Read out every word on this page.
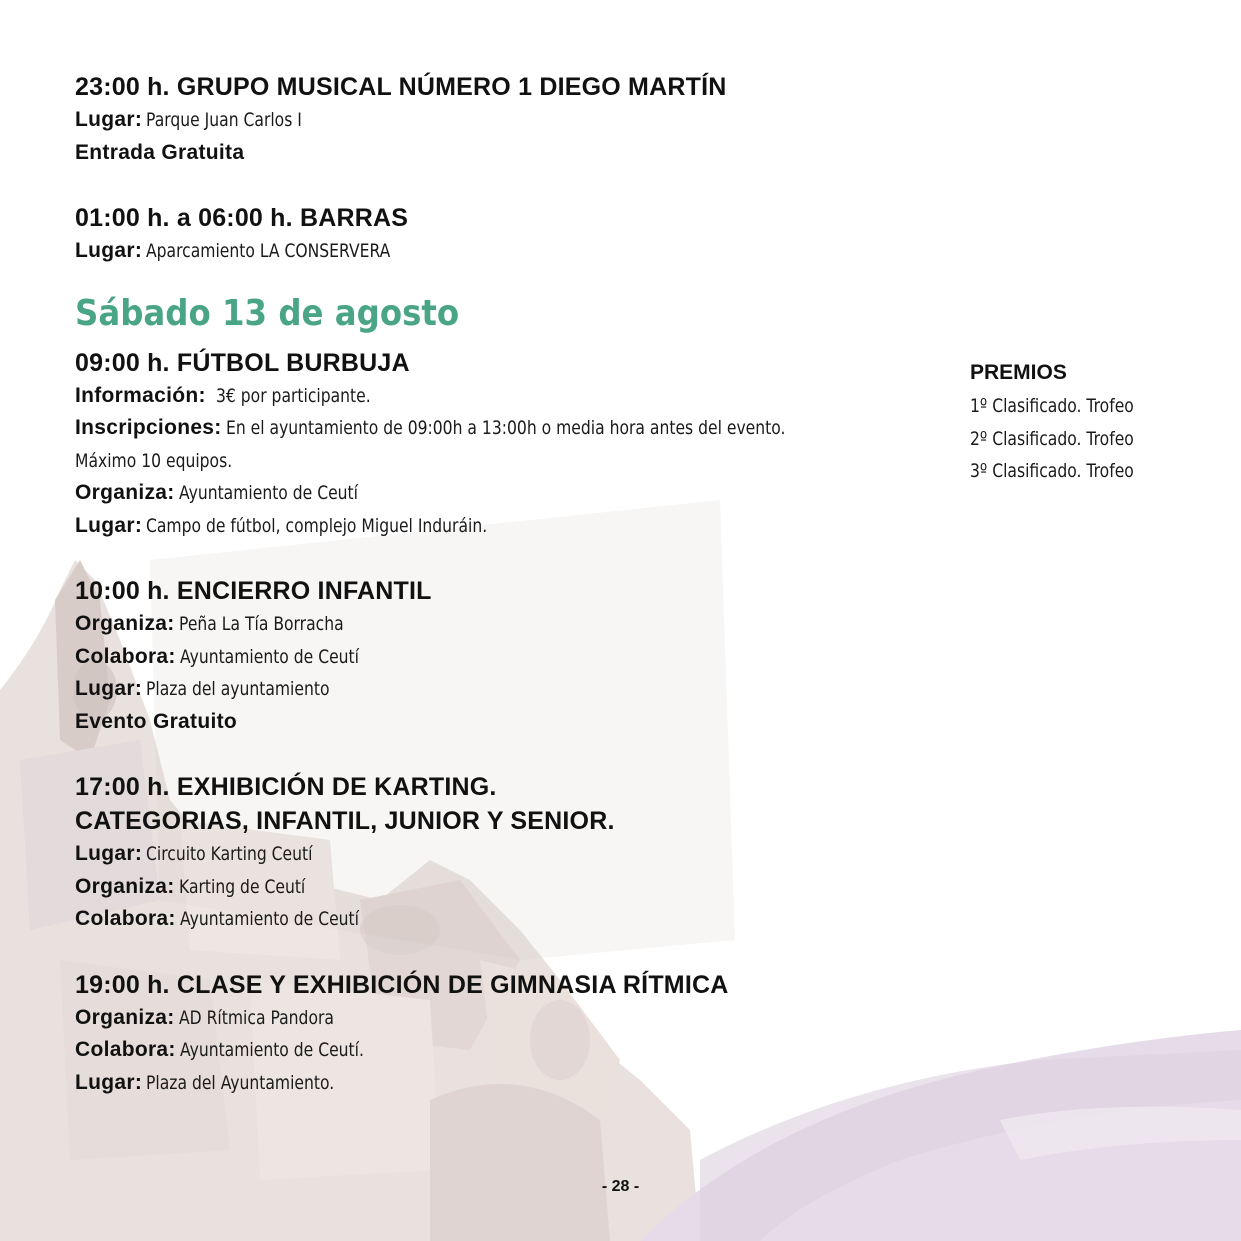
23:00 h. GRUPO MUSICAL NÚMERO 1 DIEGO MARTÍN
Lugar: Parque Juan Carlos I
Entrada Gratuita
01:00 h. a 06:00 h. BARRAS
Lugar: Aparcamiento LA CONSERVERA
Sábado 13 de agosto
09:00 h. FÚTBOL BURBUJA
Información: 3€ por participante.
Inscripciones: En el ayuntamiento de 09:00h a 13:00h o media hora antes del evento.
Máximo 10 equipos.
Organiza: Ayuntamiento de Ceutí
Lugar: Campo de fútbol, complejo Miguel Induráin.
10:00 h. ENCIERRO INFANTIL
Organiza: Peña La Tía Borracha
Colabora: Ayuntamiento de Ceutí
Lugar: Plaza del ayuntamiento
Evento Gratuito
17:00 h. EXHIBICIÓN DE KARTING.
CATEGORIAS, INFANTIL, JUNIOR Y SENIOR.
Lugar: Circuito Karting Ceutí
Organiza: Karting de Ceutí
Colabora: Ayuntamiento de Ceutí
19:00 h. CLASE Y EXHIBICIÓN DE GIMNASIA RÍTMICA
Organiza: AD Rítmica Pandora
Colabora: Ayuntamiento de Ceutí.
Lugar: Plaza del Ayuntamiento.
PREMIOS
1º Clasificado. Trofeo
2º Clasificado. Trofeo
3º Clasificado. Trofeo
- 28 -
